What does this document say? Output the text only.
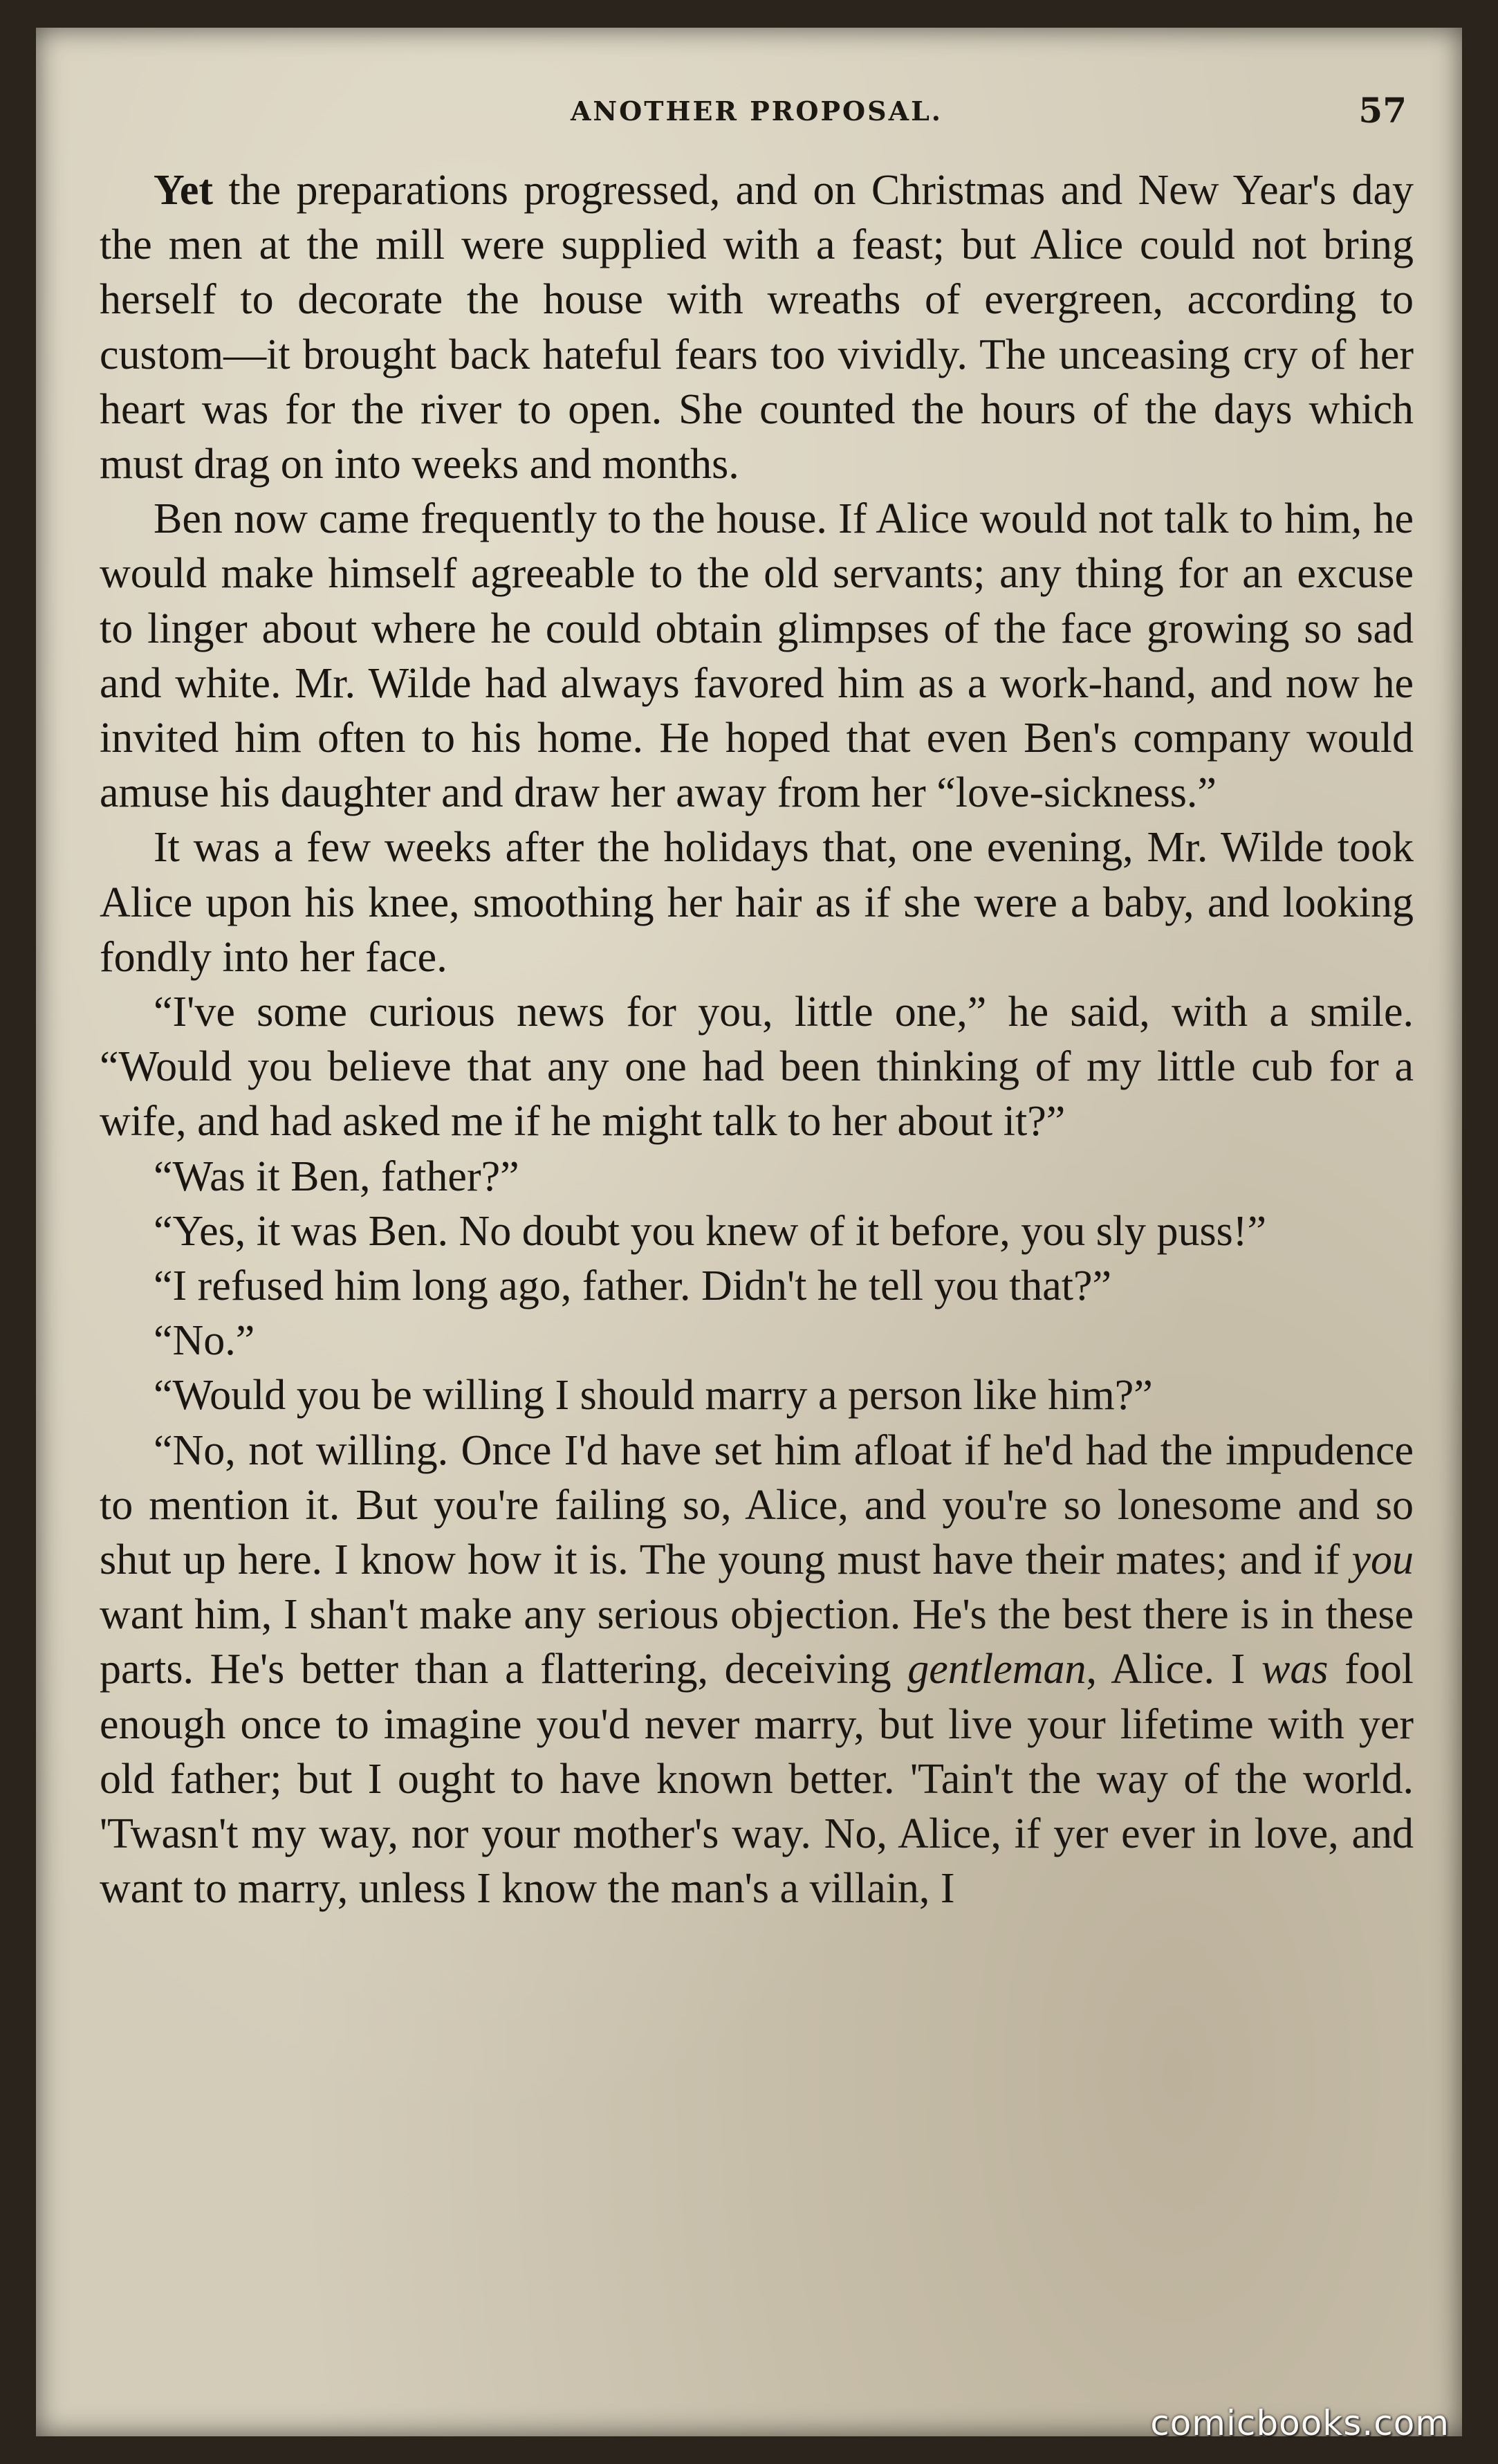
ANOTHER PROPOSAL.	57

Yet the preparations progressed, and on Christmas and New Year's day the men at the mill were supplied with a feast; but Alice could not bring herself to decorate the house with wreaths of evergreen, according to custom—it brought back hateful fears too vividly. The unceasing cry of her heart was for the river to open. She counted the hours of the days which must drag on into weeks and months.

Ben now came frequently to the house. If Alice would not talk to him, he would make himself agreeable to the old servants; any thing for an excuse to linger about where he could obtain glimpses of the face growing so sad and white. Mr. Wilde had always favored him as a work-hand, and now he invited him often to his home. He hoped that even Ben's company would amuse his daughter and draw her away from her “love-sickness.”

It was a few weeks after the holidays that, one evening, Mr. Wilde took Alice upon his knee, smoothing her hair as if she were a baby, and looking fondly into her face.

“I've some curious news for you, little one,” he said, with a smile. “Would you believe that any one had been thinking of my little cub for a wife, and had asked me if he might talk to her about it?”

“Was it Ben, father?”

“Yes, it was Ben. No doubt you knew of it before, you sly puss!”

“I refused him long ago, father. Didn't he tell you that?”

“No.”

“Would you be willing I should marry a person like him?”

“No, not willing. Once I'd have set him afloat if he'd had the impudence to mention it. But you're failing so, Alice, and you're so lonesome and so shut up here. I know how it is. The young must have their mates; and if you want him, I shan't make any serious objection. He's the best there is in these parts. He's better than a flattering, deceiving gentleman, Alice. I was fool enough once to imagine you'd never marry, but live your lifetime with yer old father; but I ought to have known better. 'Tain't the way of the world. 'Twasn't my way, nor your mother's way. No, Alice, if yer ever in love, and want to marry, unless I know the man's a villain, I

comicbooks.com
